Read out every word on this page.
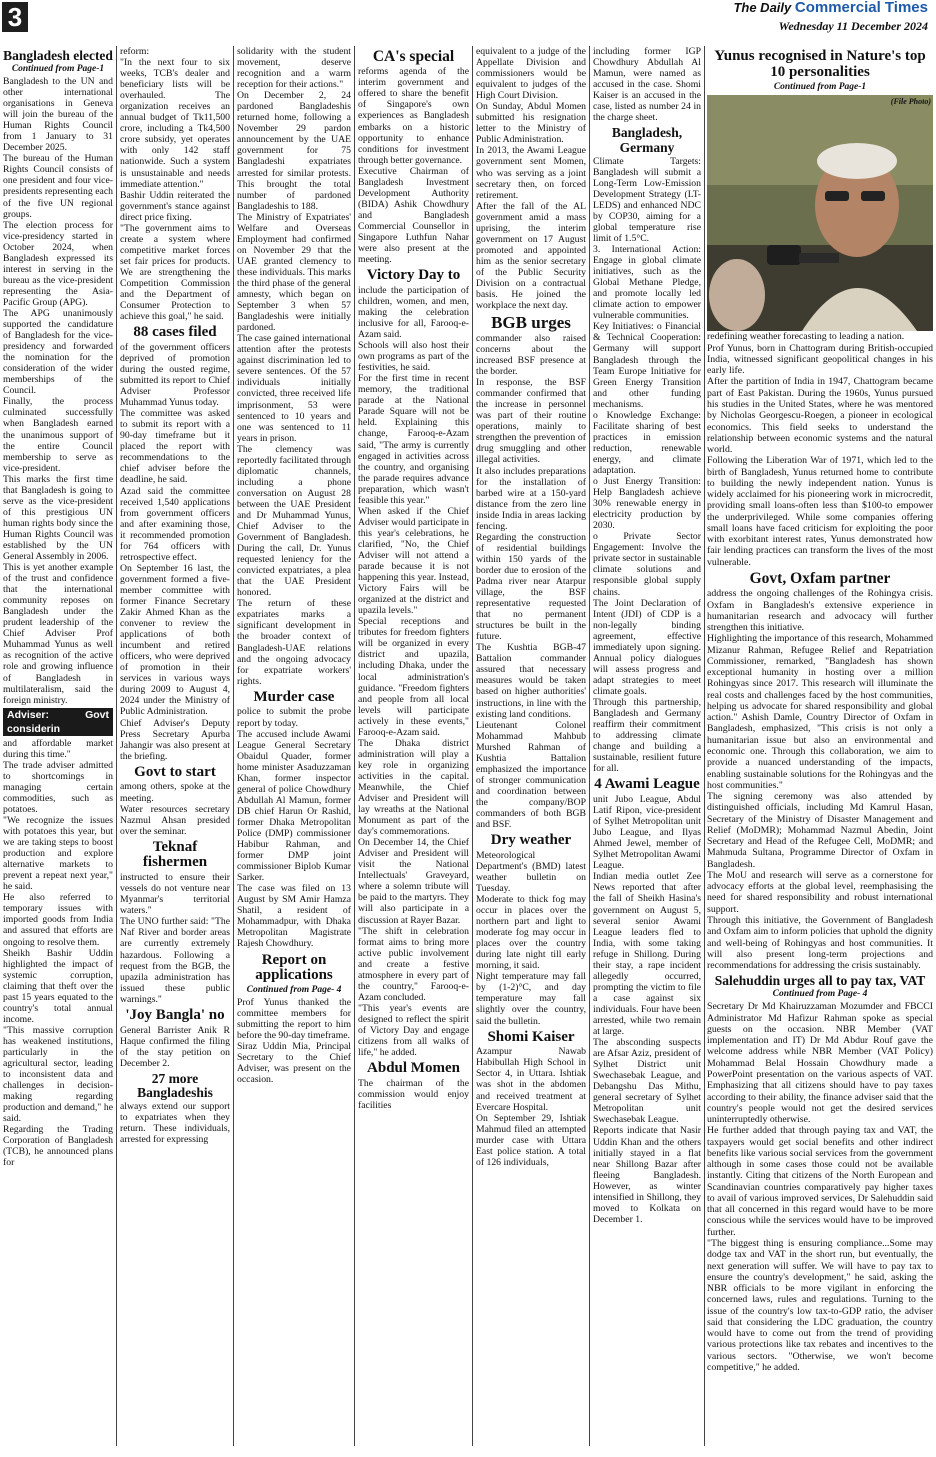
3	The Daily Commercial Times
Wednesday 11 December 2024
Bangladesh elected
Continued from Page-1

Bangladesh to the UN and other international organisations in Geneva will join the bureau of the Human Rights Council from 1 January to 31 December 2025.

The bureau of the Human Rights Council consists of one president and four vice-presidents representing each of the five UN regional groups.

The election process for vice-presidency started in October 2024, when Bangladesh expressed its interest in serving in the bureau as the vice-president representing the Asia-Pacific Group (APG).

The APG unanimously supported the candidature of Bangladesh for the vice-presidency and forwarded the nomination for the consideration of the wider memberships of the Council.

Finally, the process culminated successfully when Bangladesh earned the unanimous support of the entire Council membership to serve as vice-president.

This marks the first time that Bangladesh is going to serve as the vice-president of this prestigious UN human rights body since the Human Rights Council was established by the UN General Assembly in 2006.

This is yet another example of the trust and confidence that the international community reposes on Bangladesh under the prudent leadership of the Chief Adviser Prof Muhammad Yunus as well as recognition of the active role and growing influence of Bangladesh in multilateralism, said the foreign ministry.

Adviser: Govt considerin

and affordable market during this time."

The trade adviser admitted to shortcomings in managing certain commodities, such as potatoes.

"We recognize the issues with potatoes this year, but we are taking steps to boost production and explore alternative markets to prevent a repeat next year," he said.

He also referred to temporary issues with imported goods from India and assured that efforts are ongoing to resolve them.

Sheikh Bashir Uddin highlighted the impact of systemic corruption, claiming that theft over the past 15 years equated to the country's total annual income.

"This massive corruption has weakened institutions, particularly in the agricultural sector, leading to inconsistent data and challenges in decision-making regarding production and demand," he said.

Regarding the Trading Corporation of Bangladesh (TCB), he announced plans for

reform:

"In the next four to six weeks, TCB's dealer and beneficiary lists will be overhauled. The organization receives an annual budget of Tk11,500 crore, including a Tk4,500 crore subsidy, yet operates with only 142 staff nationwide. Such a system is unsustainable and needs immediate attention."

Bashir Uddin reiterated the government's stance against direct price fixing.

"The government aims to create a system where competitive market forces set fair prices for products. We are strengthening the Competition Commission and the Department of Consumer Protection to achieve this goal," he said.

88 cases filed

of the government officers deprived of promotion during the ousted regime, submitted its report to Chief Adviser Professor Muhammad Yunus today.

The committee was asked to submit its report with a 90-day timeframe but it placed the report with recommendations to the chief adviser before the deadline, he said.

Azad said the committee received 1,540 applications from government officers and after examining those, it recommended promotion for 764 officers with retrospective effect.

On September 16 last, the government formed a five-member committee with former Finance Secretary Zakir Ahmed Khan as the convener to review the applications of both incumbent and retired officers, who were deprived of promotion in their services in various ways during 2009 to August 4, 2024 under the Ministry of Public Administration.

Chief Adviser's Deputy Press Secretary Apurba Jahangir was also present at the briefing.

Govt to start

among others, spoke at the meeting.

Water resources secretary Nazmul Ahsan presided over the seminar.

Teknaf fishermen

instructed to ensure their vessels do not venture near Myanmar's territorial waters."

The UNO further said: "The Naf River and border areas are currently extremely hazardous. Following a request from the BGB, the upazila administration has issued these public warnings."

'Joy Bangla' no

General Barrister Anik R Haque confirmed the filing of the stay petition on December 2.

27 more Bangladeshis

always extend our support to expatriates when they return. These individuals, arrested for expressing

solidarity with the student movement, deserve recognition and a warm reception for their actions."

On December 2, 24 pardoned Bangladeshis returned home, following a November 29 pardon announcement by the UAE government for 75 Bangladeshi expatriates arrested for similar protests. This brought the total number of pardoned Bangladeshis to 188.

The Ministry of Expatriates' Welfare and Overseas Employment had confirmed on November 29 that the UAE granted clemency to these individuals. This marks the third phase of the general amnesty, which began on September 3 when 57 Bangladeshis were initially pardoned.

The case gained international attention after the protests against discrimination led to severe sentences. Of the 57 individuals initially convicted, three received life imprisonment, 53 were sentenced to 10 years and one was sentenced to 11 years in prison.

The clemency was reportedly facilitated through diplomatic channels, including a phone conversation on August 28 between the UAE President and Dr Muhammad Yunus, Chief Adviser to the Government of Bangladesh. During the call, Dr. Yunus requested leniency for the convicted expatriates, a plea that the UAE President honored.

The return of these expatriates marks a significant development in the broader context of Bangladesh-UAE relations and the ongoing advocacy for expatriate workers' rights.

Murder case

police to submit the probe report by today.

The accused include Awami League General Secretary Obaidul Quader, former home minister Asaduzzaman Khan, former inspector general of police Chowdhury Abdullah Al Mamun, former DB chief Harun Or Rashid, former Dhaka Metropolitan Police (DMP) commissioner Habibur Rahman, and former DMP joint commissioner Biplob Kumar Sarker.

The case was filed on 13 August by SM Amir Hamza Shatil, a resident of Mohammadpur, with Dhaka Metropolitan Magistrate Rajesh Chowdhury.

Report on applications
Continued from Page- 4

Prof Yunus thanked the committee members for submitting the report to him before the 90-day timeframe.

Siraz Uddin Mia, Principal Secretary to the Chief Adviser, was present on the occasion.

CA's special

reforms agenda of the interim government and offered to share the benefit of Singapore's own experiences as Bangladesh embarks on a historic opportunity to enhance conditions for investment through better governance.

Executive Chairman of Bangladesh Investment Development Authority (BIDA) Ashik Chowdhury and Bangladesh Commercial Counsellor in Singapore Luthfun Nahar were also present at the meeting.

Victory Day to

include the participation of children, women, and men, making the celebration inclusive for all, Farooq-e-Azam said.

Schools will also host their own programs as part of the festivities, he said.

For the first time in recent memory, the traditional parade at the National Parade Square will not be held. Explaining this change, Farooq-e-Azam said, "The army is currently engaged in activities across the country, and organising the parade requires advance preparation, which wasn't feasible this year."

When asked if the Chief Adviser would participate in this year's celebrations, he clarified, "No, the Chief Adviser will not attend a parade because it is not happening this year. Instead, Victory Fairs will be organized at the district and upazila levels."

Special receptions and tributes for freedom fighters will be organized in every district and upazila, including Dhaka, under the local administration's guidance. "Freedom fighters and people from all local levels will participate actively in these events," Farooq-e-Azam said.

The Dhaka district administration will play a key role in organizing activities in the capital. Meanwhile, the Chief Adviser and President will lay wreaths at the National Monument as part of the day's commemorations.

On December 14, the Chief Adviser and President will visit the National Intellectuals' Graveyard, where a solemn tribute will be paid to the martyrs. They will also participate in a discussion at Rayer Bazar.

"The shift in celebration format aims to bring more active public involvement and create a festive atmosphere in every part of the country," Farooq-e-Azam concluded.

"This year's events are designed to reflect the spirit of Victory Day and engage citizens from all walks of life," he added.

Abdul Momen

The chairman of the commission would enjoy facilities

equivalent to a judge of the Appellate Division and commissioners would be equivalent to judges of the High Court Division.

On Sunday, Abdul Momen submitted his resignation letter to the Ministry of Public Administration.

In 2013, the Awami League government sent Momen, who was serving as a joint secretary then, on forced retirement.

After the fall of the AL government amid a mass uprising, the interim government on 17 August promoted and appointed him as the senior secretary of the Public Security Division on a contractual basis. He joined the workplace the next day.

BGB urges

commander also raised concerns about the increased BSF presence at the border.

In response, the BSF commander confirmed that the increase in personnel was part of their routine operations, mainly to strengthen the prevention of drug smuggling and other illegal activities.

It also includes preparations for the installation of barbed wire at a 150-yard distance from the zero line inside India in areas lacking fencing.

Regarding the construction of residential buildings within 150 yards of the border due to erosion of the Padma river near Atarpur village, the BSF representative requested that no permanent structures be built in the future.

The Kushtia BGB-47 Battalion commander assured that necessary measures would be taken based on higher authorities' instructions, in line with the existing land conditions.

Lieutenant Colonel Mohammad Mahbub Murshed Rahman of Kushtia Battalion emphasized the importance of stronger communication and coordination between the company/BOP commanders of both BGB and BSF.

Dry weather

Meteorological Department's (BMD) latest weather bulletin on Tuesday.

Moderate to thick fog may occur in places over the northern part and light to moderate fog may occur in places over the country during late night till early morning, it said.

Night temperature may fall by (1-2)°C, and day temperature may fall slightly over the country, said the bulletin.

Shomi Kaiser

Azampur Nawab Habibullah High School in Sector 4, in Uttara. Ishtiak was shot in the abdomen and received treatment at Evercare Hospital.

On September 29, Ishtiak Mahmud filed an attempted murder case with Uttara East police station. A total of 126 individuals,

including former IGP Chowdhury Abdullah Al Mamun, were named as accused in the case. Shomi Kaiser is an accused in the case, listed as number 24 in the charge sheet.

Bangladesh, Germany

Climate Targets: Bangladesh will submit a Long-Term Low-Emission Development Strategy (LT-LEDS) and enhanced NDC by COP30, aiming for a global temperature rise limit of 1.5°C.

3. International Action: Engage in global climate initiatives, such as the Global Methane Pledge, and promote locally led climate action to empower vulnerable communities.

Key Initiatives: o Financial & Technical Cooperation: Germany will support Bangladesh through the Team Europe Initiative for Green Energy Transition and other funding mechanisms.

o Knowledge Exchange: Facilitate sharing of best practices in emission reduction, renewable energy, and climate adaptation.

o Just Energy Transition: Help Bangladesh achieve 30% renewable energy in electricity production by 2030.

o Private Sector Engagement: Involve the private sector in sustainable climate solutions and responsible global supply chains.

The Joint Declaration of Intent (JDI) of CDP is a non-legally binding agreement, effective immediately upon signing. Annual policy dialogues will assess progress and adapt strategies to meet climate goals.

Through this partnership, Bangladesh and Germany reaffirm their commitment to addressing climate change and building a sustainable, resilient future for all.

4 Awami League

unit Jubo League, Abdul Latif Ripon, vice-president of Sylhet Metropolitan unit Jubo League, and Ilyas Ahmed Jewel, member of Sylhet Metropolitan Awami League.

Indian media outlet Zee News reported that after the fall of Sheikh Hasina's government on August 5, several senior Awami League leaders fled to India, with some taking refuge in Shillong. During their stay, a rape incident allegedly occurred, prompting the victim to file a case against six individuals. Four have been arrested, while two remain at large.

The absconding suspects are Afsar Aziz, president of Sylhet District unit Swechasebak League, and Debangshu Das Mithu, general secretary of Sylhet Metropolitan unit Swechasebak League.

Reports indicate that Nasir Uddin Khan and the others initially stayed in a flat near Shillong Bazar after fleeing Bangladesh. However, as winter intensified in Shillong, they moved to Kolkata on December 1.

Yunus recognised in Nature's top 10 personalities
Continued from Page-1
(File Photo)

redefining weather forecasting to leading a nation.

Prof Yunus, born in Chattogram during British-occupied India, witnessed significant geopolitical changes in his early life.

After the partition of India in 1947, Chattogram became part of East Pakistan. During the 1960s, Yunus pursued his studies in the United States, where he was mentored by Nicholas Georgescu-Roegen, a pioneer in ecological economics. This field seeks to understand the relationship between economic systems and the natural world.

Following the Liberation War of 1971, which led to the birth of Bangladesh, Yunus returned home to contribute to building the newly independent nation. Yunus is widely acclaimed for his pioneering work in microcredit, providing small loans-often less than $100-to empower the underprivileged. While some companies offering small loans have faced criticism for exploiting the poor with exorbitant interest rates, Yunus demonstrated how fair lending practices can transform the lives of the most vulnerable.

Govt, Oxfam partner

address the ongoing challenges of the Rohingya crisis. Oxfam in Bangladesh's extensive experience in humanitarian research and advocacy will further strengthen this initiative.

Highlighting the importance of this research, Mohammed Mizanur Rahman, Refugee Relief and Repatriation Commissioner, remarked, "Bangladesh has shown exceptional humanity in hosting over a million Rohingyas since 2017. This research will illuminate the real costs and challenges faced by the host communities, helping us advocate for shared responsibility and global action." Ashish Damle, Country Director of Oxfam in Bangladesh, emphasized, "This crisis is not only a humanitarian issue but also an environmental and economic one. Through this collaboration, we aim to provide a nuanced understanding of the impacts, enabling sustainable solutions for the Rohingyas and the host communities."

The signing ceremony was also attended by distinguished officials, including Md Kamrul Hasan, Secretary of the Ministry of Disaster Management and Relief (MoDMR); Mohammad Nazmul Abedin, Joint Secretary and Head of the Refugee Cell, MoDMR; and Mahmuda Sultana, Programme Director of Oxfam in Bangladesh.

The MoU and research will serve as a cornerstone for advocacy efforts at the global level, reemphasising the need for shared responsibility and robust international support.

Through this initiative, the Government of Bangladesh and Oxfam aim to inform policies that uphold the dignity and well-being of Rohingyas and host communities. It will also present long-term projections and recommendations for addressing the crisis sustainably.

Salehuddin urges all to pay tax, VAT
Continued from Page- 4

Secretary Dr Md Khairuzzaman Mozumder and FBCCI Administrator Md Hafizur Rahman spoke as special guests on the occasion. NBR Member (VAT implementation and IT) Dr Md Abdur Rouf gave the welcome address while NBR Member (VAT Policy) Mohammad Belal Hossain Chowdhury made a PowerPoint presentation on the various aspects of VAT. Emphasizing that all citizens should have to pay taxes according to their ability, the finance adviser said that the country's people would not get the desired services uninterruptedly otherwise.

He further added that through paying tax and VAT, the taxpayers would get social benefits and other indirect benefits like various social services from the government although in some cases those could not be available instantly. Citing that citizens of the North European and Scandinavian countries comparatively pay higher taxes to avail of various improved services, Dr Salehuddin said that all concerned in this regard would have to be more conscious while the services would have to be improved further.

"The biggest thing is ensuring compliance...Some may dodge tax and VAT in the short run, but eventually, the next generation will suffer. We will have to pay tax to ensure the country's development," he said, asking the NBR officials to be more vigilant in enforcing the concerned laws, rules and regulations. Turning to the issue of the country's low tax-to-GDP ratio, the adviser said that considering the LDC graduation, the country would have to come out from the trend of providing various protections like tax rebates and incentives to the various sectors. "Otherwise, we won't become competitive," he added.
